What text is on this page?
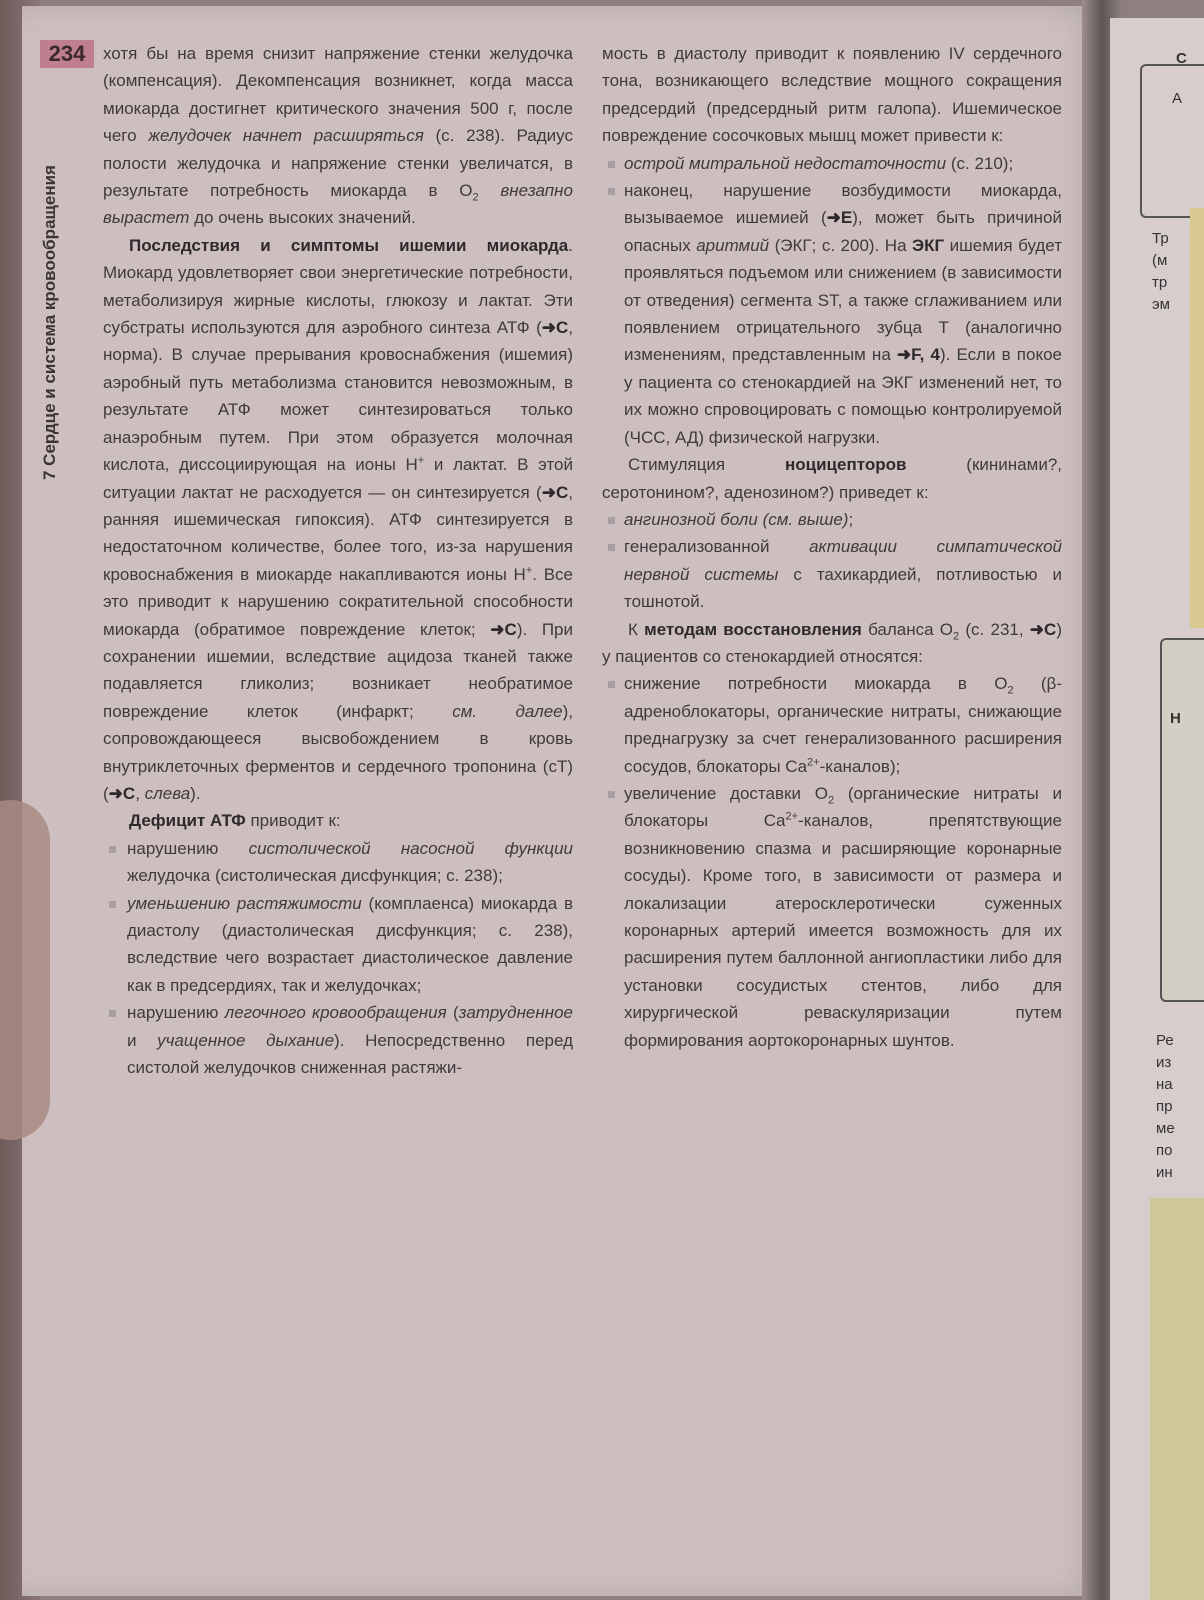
С
А
Тр
(м
тр
эм
Н
Ре
из
на
пр
ме
по
ин
234
7 Сердце и система кровообращения

хотя бы на время снизит напряжение стенки желудочка (компенсация). Декомпенсация возникнет, когда масса миокарда достигнет критического значения 500 г, после чего желудочек начнет расширяться (с. 238). Радиус полости желудочка и напряжение стенки увеличатся, в результате потребность миокарда в $O_2$ внезапно вырастет до очень высоких значений.

Последствия и симптомы ишемии миокарда. Миокард удовлетворяет свои энергетические потребности, метаболизируя жирные кислоты, глюкозу и лактат. Эти субстраты используются для аэробного синтеза АТФ (➜C, норма). В случае прерывания кровоснабжения (ишемия) аэробный путь метаболизма становится невозможным, в результате АТФ может синтезироваться только анаэробным путем. При этом образуется молочная кислота, диссоциирующая на ионы H+ и лактат. В этой ситуации лактат не расходуется — он синтезируется (➜C, ранняя ишемическая гипоксия). АТФ синтезируется в недостаточном количестве, более того, из-за нарушения кровоснабжения в миокарде накапливаются ионы H+. Все это приводит к нарушению сократительной способности миокарда (обратимое повреждение клеток; ➜C). При сохранении ишемии, вследствие ацидоза тканей также подавляется гликолиз; возникает необратимое повреждение клеток (инфаркт; см. далее), сопровождающееся высвобождением в кровь внутриклеточных ферментов и сердечного тропонина (сТ) (➜C, слева).

Дефицит АТФ приводит к:

нарушению систолической насосной функции желудочка (систолическая дисфункция; с. 238);
уменьшению растяжимости (комплаенса) миокарда в диастолу (диастолическая дисфункция; с. 238), вследствие чего возрастает диастолическое давление как в предсердиях, так и желудочках;
нарушению легочного кровообращения (затрудненное и учащенное дыхание). Непосредственно перед систолой желудочков сниженная растяжи-

мость в диастолу приводит к появлению IV сердечного тона, возникающего вследствие мощного сокращения предсердий (предсердный ритм галопа). Ишемическое повреждение сосочковых мышц может привести к:

острой митральной недостаточности (с. 210);
наконец, нарушение возбудимости миокарда, вызываемое ишемией (➜E), может быть причиной опасных аритмий (ЭКГ; с. 200). На ЭКГ ишемия будет проявляться подъемом или снижением (в зависимости от отведения) сегмента ST, а также сглаживанием или появлением отрицательного зубца T (аналогично изменениям, представленным на ➜F, 4). Если в покое у пациента со стенокардией на ЭКГ изменений нет, то их можно спровоцировать с помощью контролируемой (ЧСС, АД) физической нагрузки.

Стимуляция ноцицепторов (кининами?, серотонином?, аденозином?) приведет к:

ангинозной боли (см. выше);
генерализованной активации симпатической нервной системы с тахикардией, потливостью и тошнотой.

К методам восстановления баланса $O_2$ (с. 231, ➜C) у пациентов со стенокардией относятся:

снижение потребности миокарда в $O_2$ (β-адреноблокаторы, органические нитраты, снижающие преднагрузку за счет генерализованного расширения сосудов, блокаторы $Ca^{2+}-каналов$);
увеличение доставки $O_2$ (органические нитраты и блокаторы $Ca^{2+}$-каналов, препятствующие возникновению спазма и расширяющие коронарные сосуды). Кроме того, в зависимости от размера и локализации атеросклеротически суженных коронарных артерий имеется возможность для их расширения путем баллонной ангиопластики либо для установки сосудистых стентов, либо для хирургической реваскуляризации путем формирования аортокоронарных шунтов.
